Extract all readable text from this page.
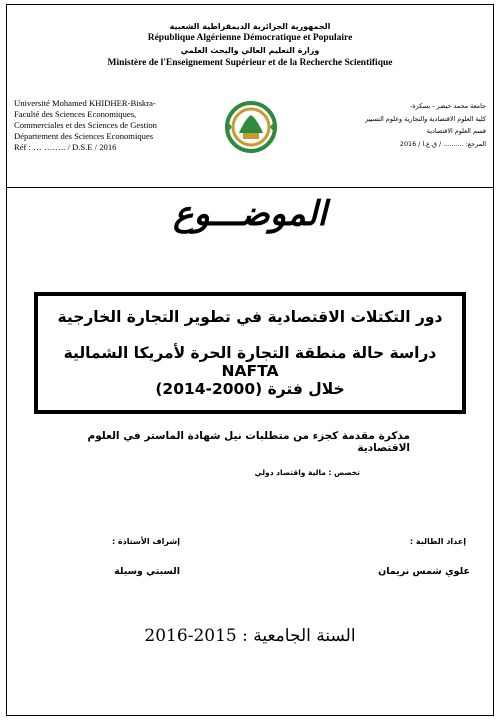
الجمهورية الجزائرية الديمقراطية الشعبية
République Algérienne Démocratique et Populaire
وزارة التعليم العالي والبحث العلمي
Ministère de l'Enseignement Supérieur et de la Recherche Scientifique
Université Mohamed KHIDHER-Biskra-
Faculté des Sciences Economiques,
Commerciales et des Sciences de Gestion
Département des Sciences Economiques
Réf : … …….. / D.S.E / 2016
جامعة محمد خيضر - بسكرة-
كلية العلوم الاقتصادية والتجارية وعلوم التسيير
قسم العلوم الاقتصادية
المرجع: .......... / ق.ع.ا / 2016
الموضـــوع
دور التكتلات الاقتصادية في تطوير التجارة الخارجية
دراسة حالة منطقة التجارة الحرة لأمريكا الشمالية NAFTA
خلال فترة (2000-2014)
مذكرة مقدمة كجزء من متطلبات نيل شهادة الماستر في العلوم الاقتصادية
تخصص : مالية واقتصاد دولي
إعداد الطالبة :
إشراف الأستاذة :
علوي شمس نريمان
السبتي وسيلة
السنة الجامعية : 2015-2016
